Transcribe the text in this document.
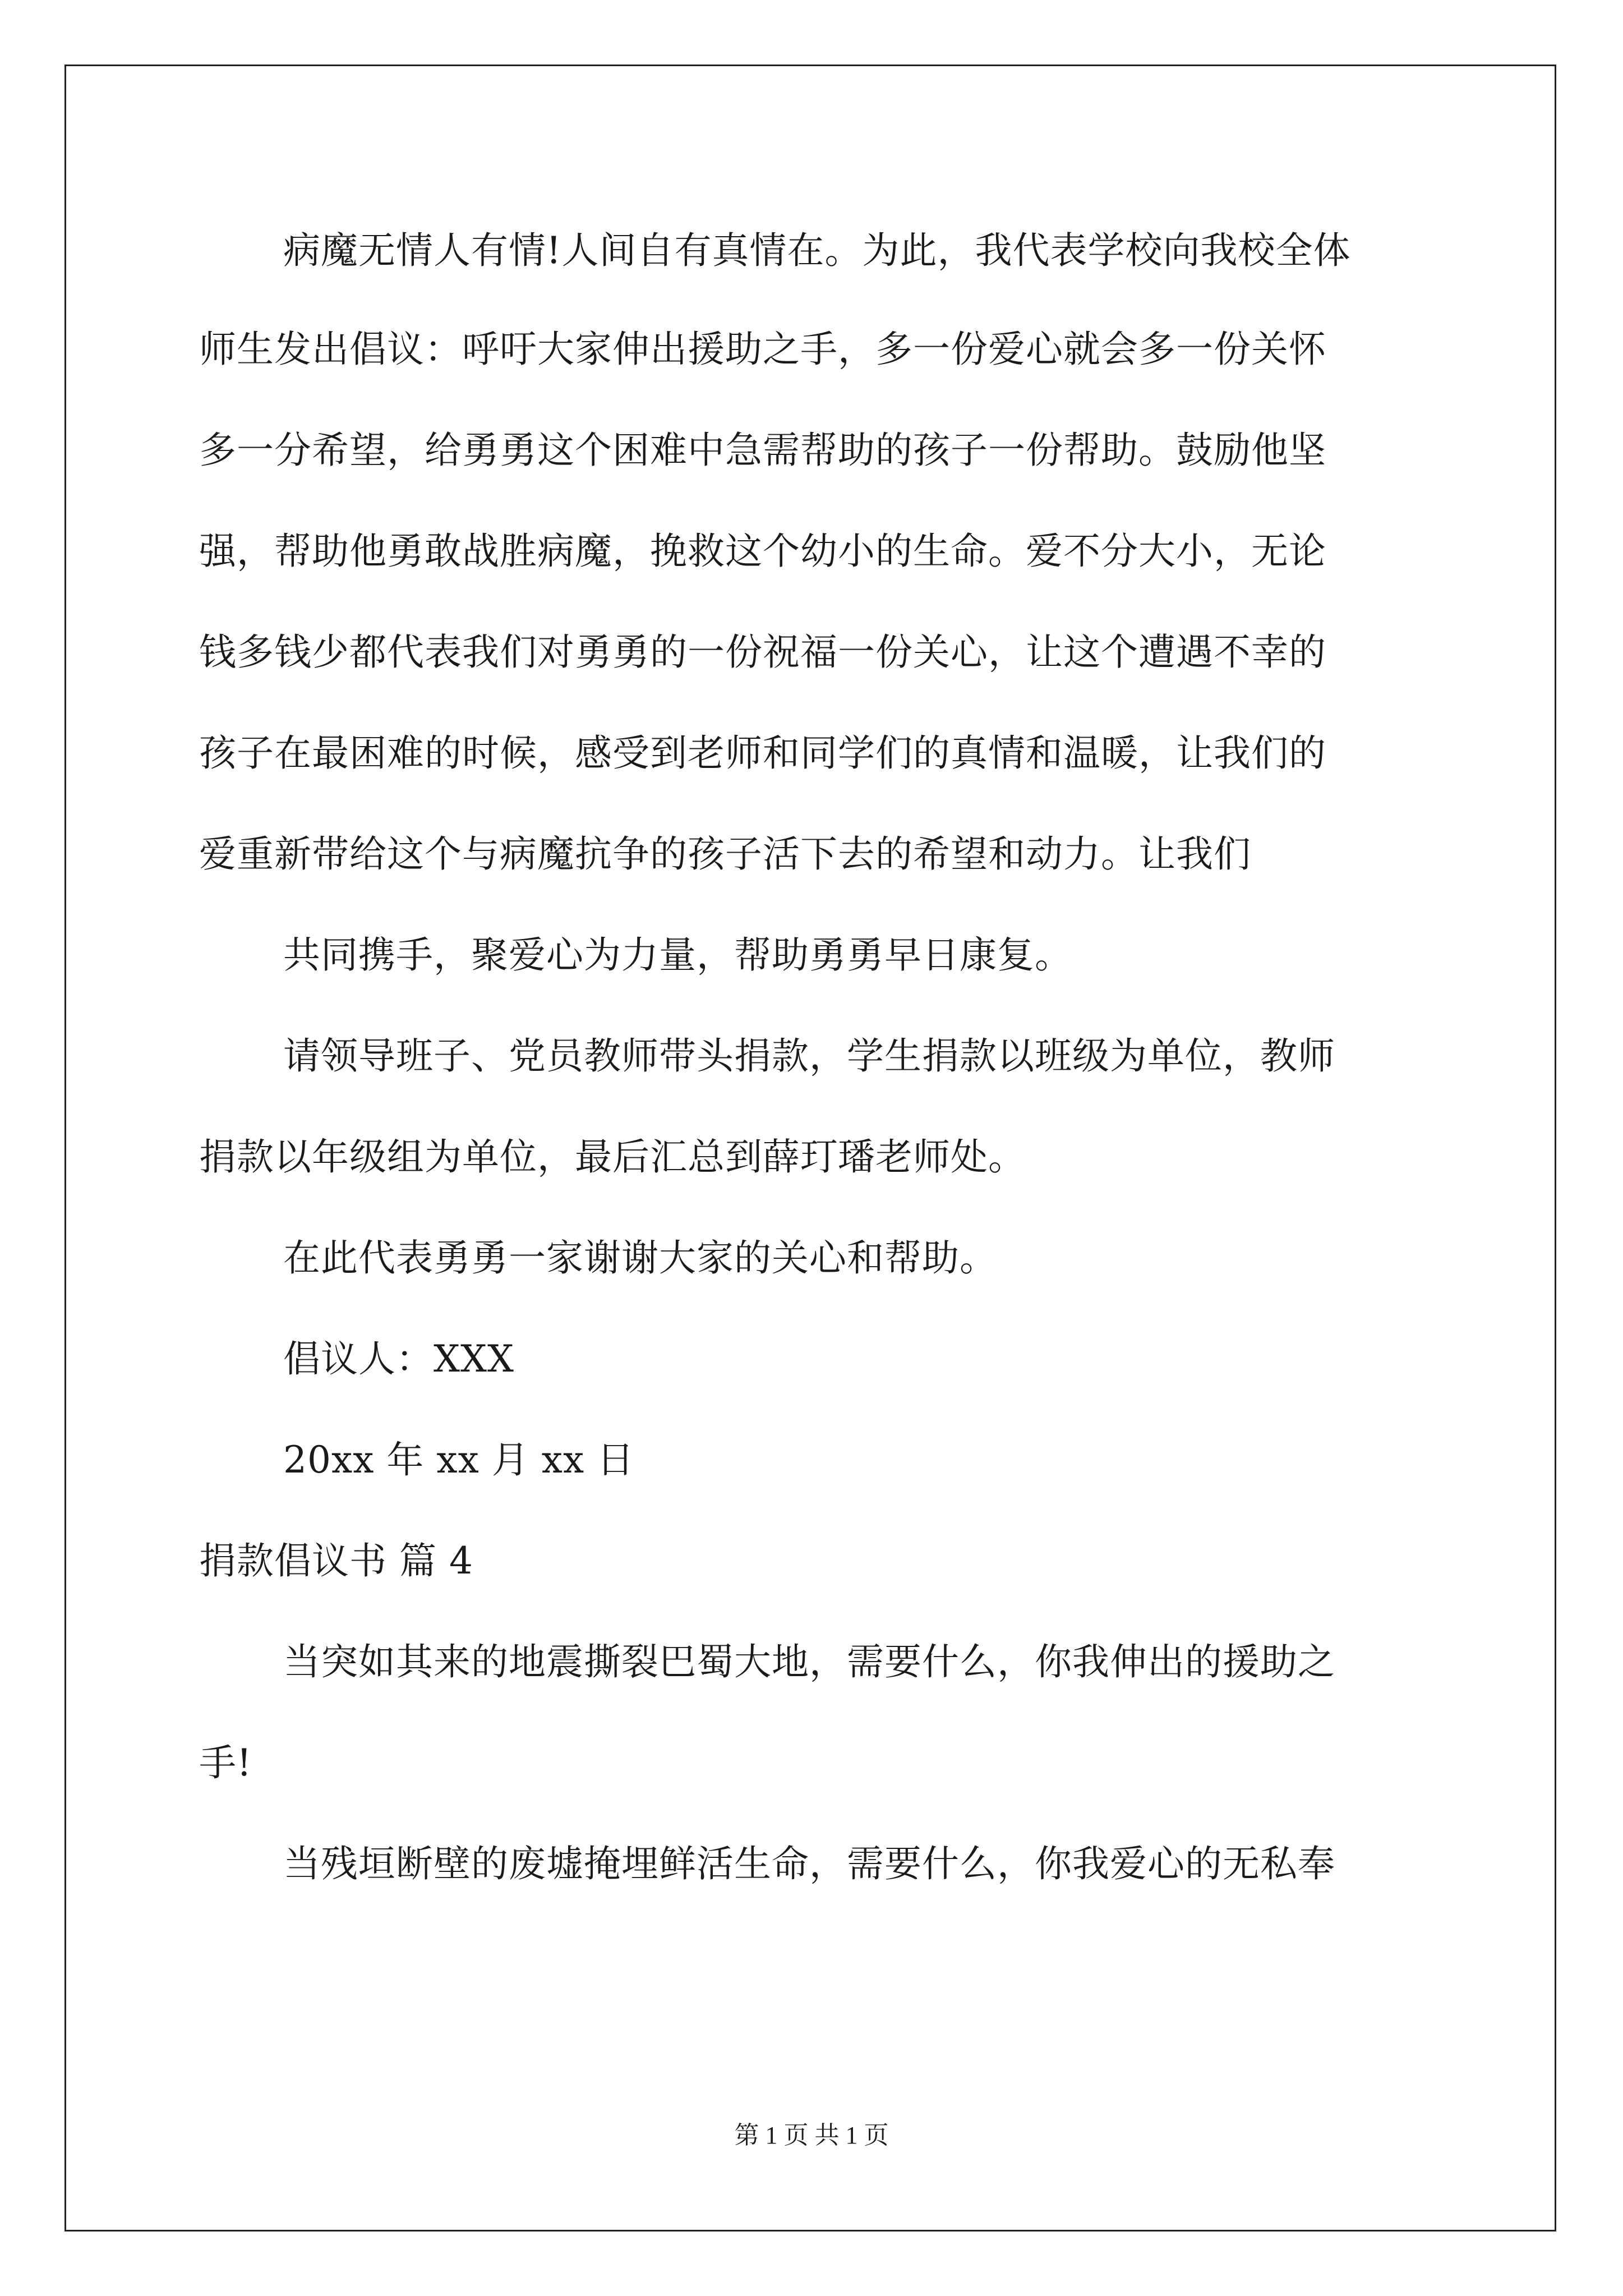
病魔无情人有情!人间自有真情在。为此，我代表学校向我校全体
师生发出倡议：呼吁大家伸出援助之手，多一份爱心就会多一份关怀
多一分希望，给勇勇这个困难中急需帮助的孩子一份帮助。鼓励他坚
强，帮助他勇敢战胜病魔，挽救这个幼小的生命。爱不分大小，无论
钱多钱少都代表我们对勇勇的一份祝福一份关心，让这个遭遇不幸的
孩子在最困难的时候，感受到老师和同学们的真情和温暖，让我们的
爱重新带给这个与病魔抗争的孩子活下去的希望和动力。让我们
共同携手，聚爱心为力量，帮助勇勇早日康复。
请领导班子、党员教师带头捐款，学生捐款以班级为单位，教师
捐款以年级组为单位，最后汇总到薛玎璠老师处。
在此代表勇勇一家谢谢大家的关心和帮助。
倡议人：XXX
20xx 年 xx 月 xx 日
捐款倡议书 篇 4
当突如其来的地震撕裂巴蜀大地，需要什么，你我伸出的援助之
手!
当残垣断壁的废墟掩埋鲜活生命，需要什么，你我爱心的无私奉
第 1 页 共 1 页
